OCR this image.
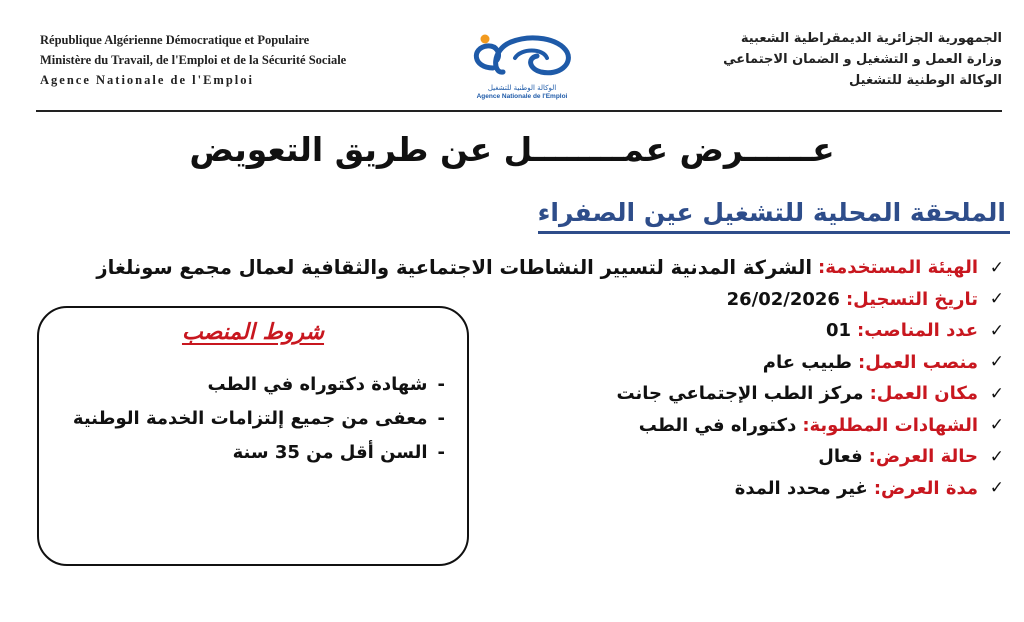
République Algérienne Démocratique et Populaire
Ministère du Travail, de l'Emploi et de la Sécurité Sociale
Agence Nationale de l'Emploi
الوكالة الوطنية للتشغيل
Agence Nationale de l'Emploi
الجمهورية الجزائرية الديمقراطية الشعبية
وزارة العمل و التشغيل و الضمان الاجتماعي
الوكالة الوطنية للتشغيل
عــــــرض عمــــــــل عن طريق التعويض
الملحقة المحلية للتشغيل عين الصفراء
✓
الهيئة المستخدمة:
الشركة المدنية لتسيير النشاطات الاجتماعية والثقافية لعمال مجمع سونلغاز
✓
تاريخ التسجيل:
26/02/2026
✓
عدد المناصب:
01
✓
منصب العمل:
طبيب عام
✓
مكان العمل:
مركز الطب الإجتماعي جانت
✓
الشهادات المطلوبة:
دكتوراه في الطب
✓
حالة العرض:
فعال
✓
مدة العرض:
غير محدد المدة
شروط المنصب
-شهادة دكتوراه في الطب
-معفى من جميع إلتزامات الخدمة الوطنية
-السن أقل من 35 سنة
